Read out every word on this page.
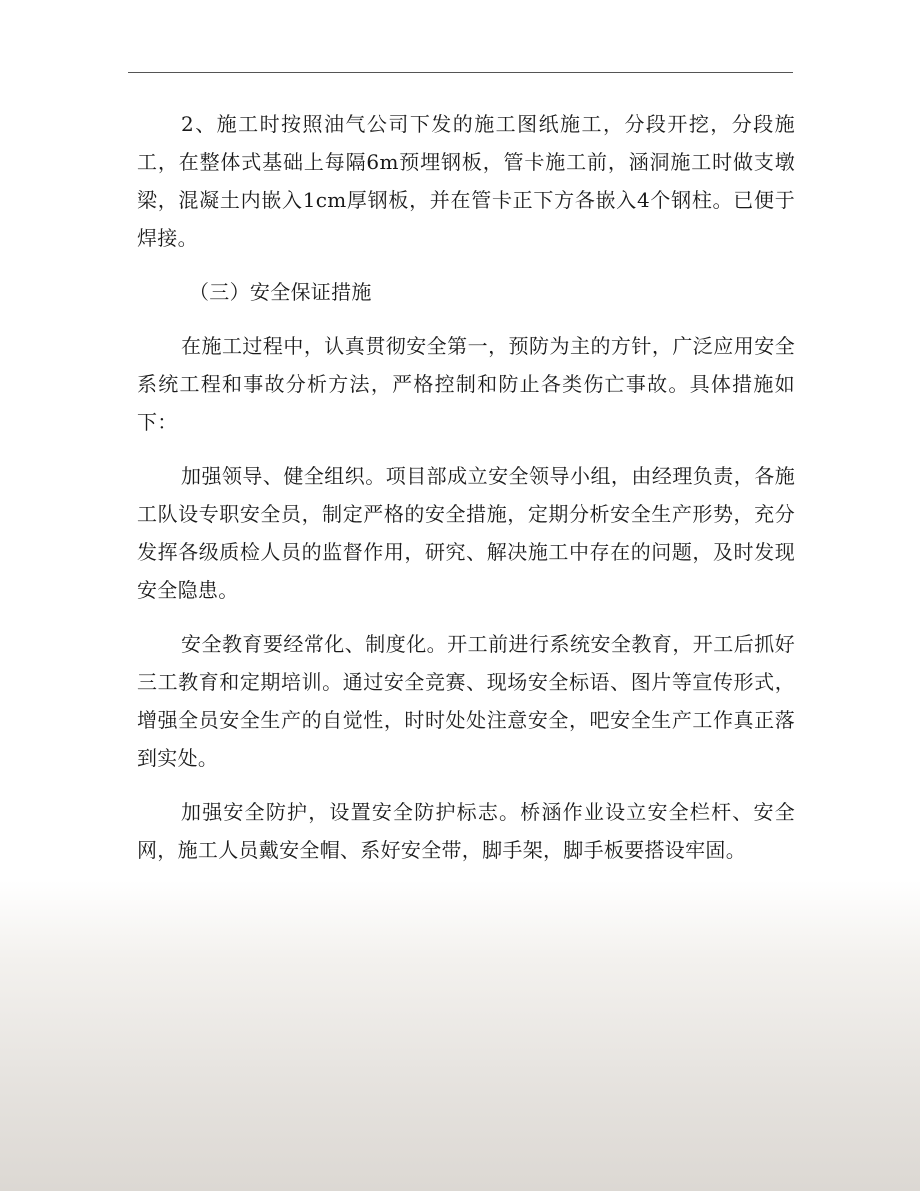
2、施工时按照油气公司下发的施工图纸施工，分段开挖，分段施工，在整体式基础上每隔6m预埋钢板，管卡施工前，涵洞施工时做支墩梁，混凝土内嵌入1cm厚钢板，并在管卡正下方各嵌入4个钢柱。已便于焊接。

（三）安全保证措施

在施工过程中，认真贯彻安全第一，预防为主的方针，广泛应用安全系统工程和事故分析方法，严格控制和防止各类伤亡事故。具体措施如下：

加强领导、健全组织。项目部成立安全领导小组，由经理负责，各施工队设专职安全员，制定严格的安全措施，定期分析安全生产形势，充分发挥各级质检人员的监督作用，研究、解决施工中存在的问题，及时发现安全隐患。

安全教育要经常化、制度化。开工前进行系统安全教育，开工后抓好三工教育和定期培训。通过安全竞赛、现场安全标语、图片等宣传形式，增强全员安全生产的自觉性，时时处处注意安全，吧安全生产工作真正落到实处。

加强安全防护，设置安全防护标志。桥涵作业设立安全栏杆、安全网，施工人员戴安全帽、系好安全带，脚手架，脚手板要搭设牢固。
